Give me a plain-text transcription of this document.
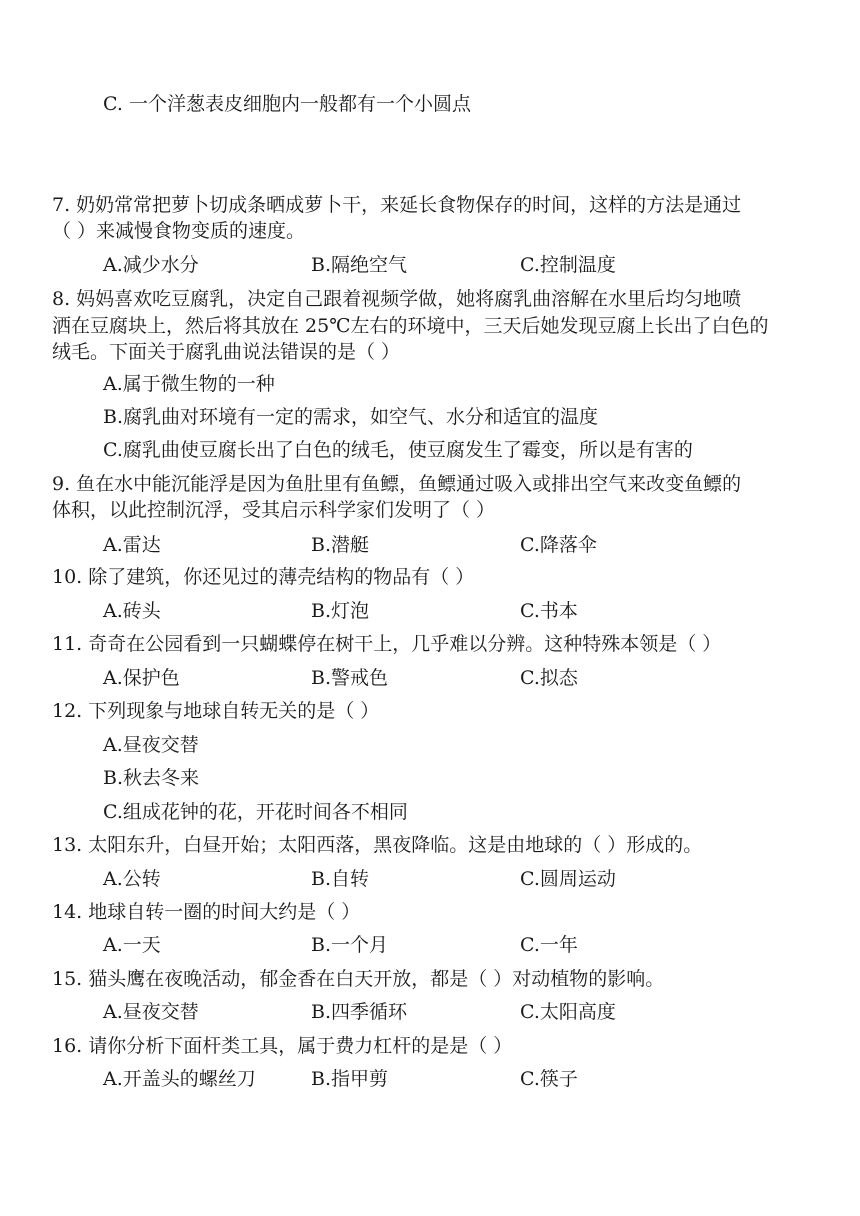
C. 一个洋葱表皮细胞内一般都有一个小圆点
7. 奶奶常常把萝卜切成条晒成萝卜干，来延长食物保存的时间，这样的方法是通过
（ ）来减慢食物变质的速度。
A.减少水分	B.隔绝空气	C.控制温度
8. 妈妈喜欢吃豆腐乳，决定自己跟着视频学做，她将腐乳曲溶解在水里后均匀地喷
洒在豆腐块上，然后将其放在 25℃左右的环境中，三天后她发现豆腐上长出了白色的
绒毛。下面关于腐乳曲说法错误的是（ ）
A.属于微生物的一种
B.腐乳曲对环境有一定的需求，如空气、水分和适宜的温度
C.腐乳曲使豆腐长出了白色的绒毛，使豆腐发生了霉变，所以是有害的
9. 鱼在水中能沉能浮是因为鱼肚里有鱼鳔，鱼鳔通过吸入或排出空气来改变鱼鳔的
体积，以此控制沉浮，受其启示科学家们发明了（ ）
A.雷达	B.潜艇	C.降落伞
10. 除了建筑，你还见过的薄壳结构的物品有（ ）
A.砖头	B.灯泡	C.书本
11. 奇奇在公园看到一只蝴蝶停在树干上，几乎难以分辨。这种特殊本领是（ ）
A.保护色	B.警戒色	C.拟态
12. 下列现象与地球自转无关的是（ ）
A.昼夜交替
B.秋去冬来
C.组成花钟的花，开花时间各不相同
13. 太阳东升，白昼开始；太阳西落，黑夜降临。这是由地球的（ ）形成的。
A.公转	B.自转	C.圆周运动
14. 地球自转一圈的时间大约是（ ）
A.一天	B.一个月	C.一年
15. 猫头鹰在夜晚活动，郁金香在白天开放，都是（ ）对动植物的影响。
A.昼夜交替	B.四季循环	C.太阳高度
16. 请你分析下面杆类工具，属于费力杠杆的是是（ ）
A.开盖头的螺丝刀	B.指甲剪	C.筷子
